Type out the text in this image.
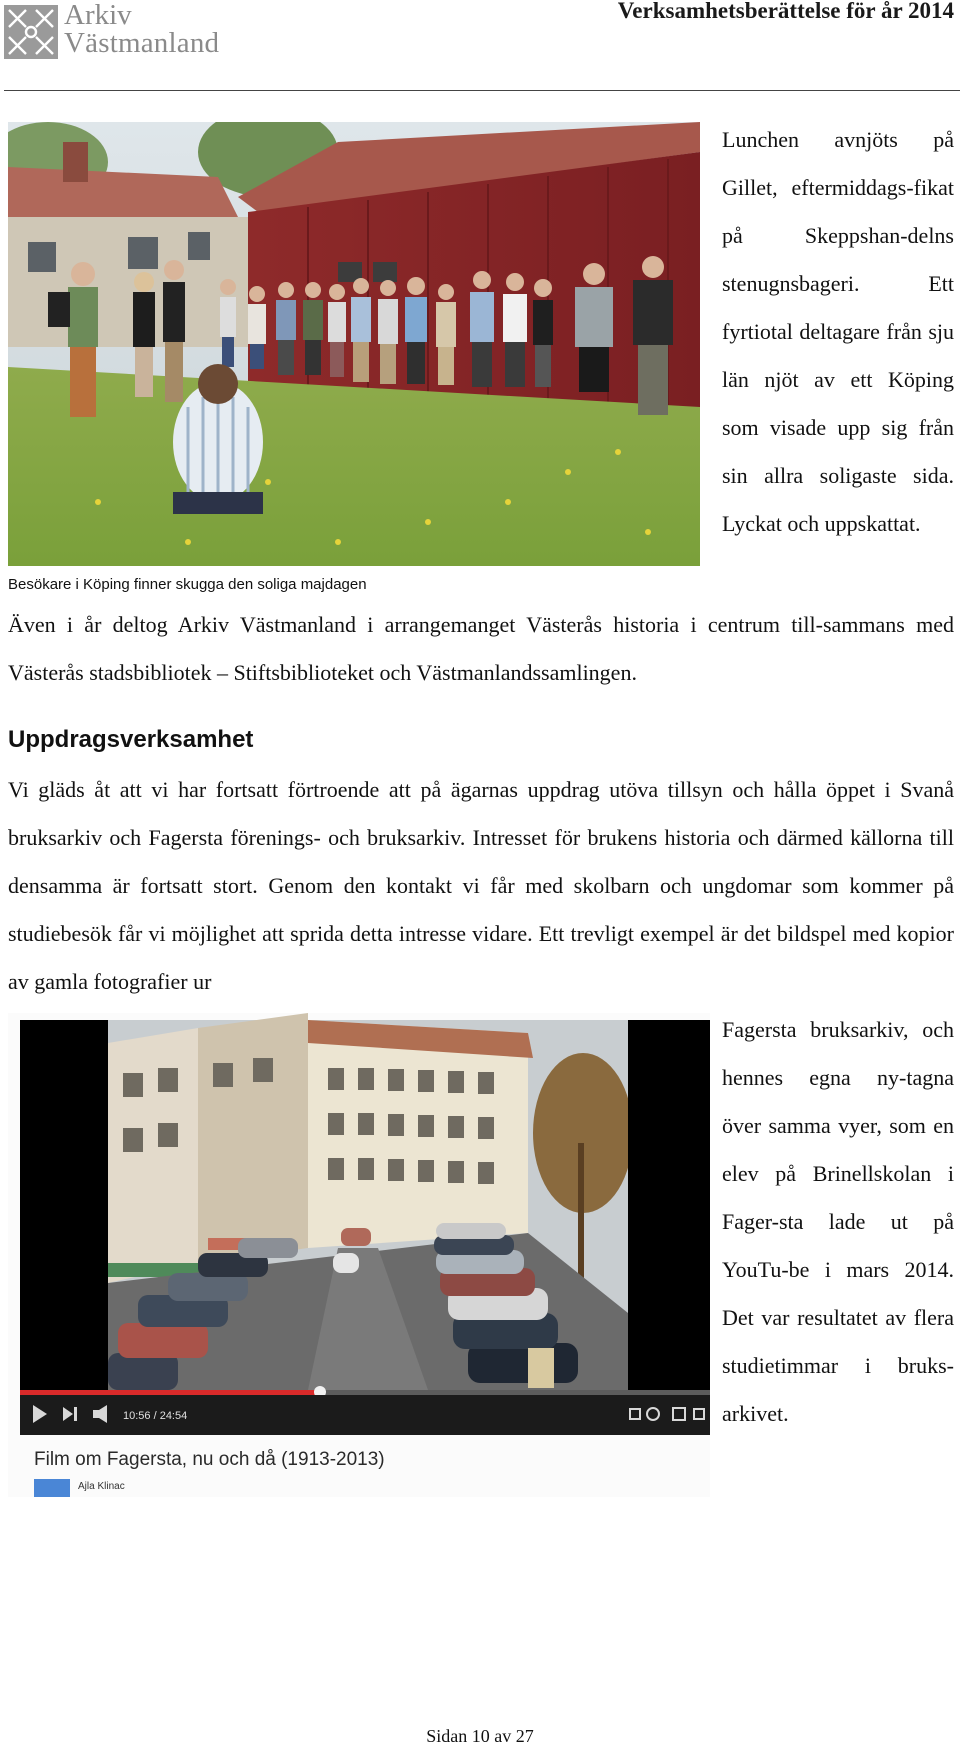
Arkiv
Västmanland
Verksamhetsberättelse för år 2014
Besökare i Köping finner skugga den soliga majdagen

Lunchen avnjöts på Gillet, eftermiddags-fikat på Skeppshan-delns stenugnsbageri. Ett fyrtiotal deltagare från sju län njöt av ett Köping som visade upp sig från sin allra soligaste sida. Lyckat och uppskattat.

Även i år deltog Arkiv Västmanland i arrangemanget Västerås historia i centrum till-sammans med Västerås stadsbibliotek – Stiftsbiblioteket och Västmanlandssamlingen.

Uppdragsverksamhet

Vi gläds åt att vi har fortsatt förtroende att på ägarnas uppdrag utöva tillsyn och hålla öppet i Svanå bruksarkiv och Fagersta förenings- och bruksarkiv. Intresset för brukens historia och därmed källorna till densamma är fortsatt stort. Genom den kontakt vi får med skolbarn och ungdomar som kommer på studiebesök får vi möjlighet att sprida detta intresse vidare. Ett trevligt exempel är det bildspel med kopior av gamla fotografier ur

10:56 / 24:54
Film om Fagersta, nu och då (1913-2013)
Ajla Klinac

Fagersta bruksarkiv, och hennes egna ny-tagna över samma vyer, som en elev på Brinellskolan i Fager-sta lade ut på YouTu-be i mars 2014. Det var resultatet av flera studietimmar i bruks-arkivet.

Sidan 10 av 27
